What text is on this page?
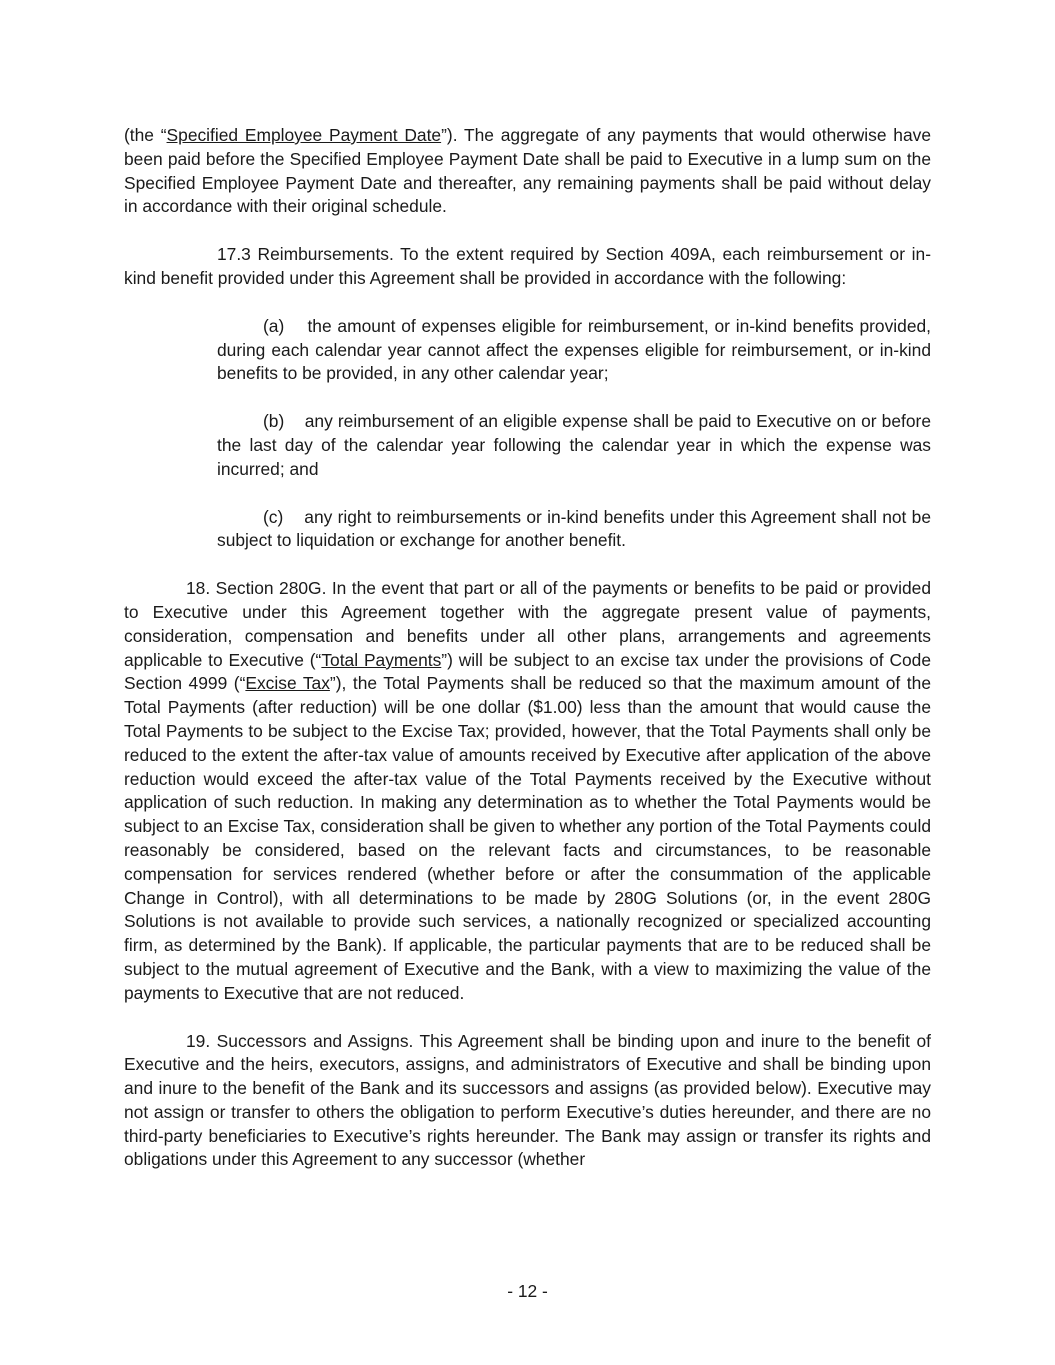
(the “Specified Employee Payment Date”). The aggregate of any payments that would otherwise have been paid before the Specified Employee Payment Date shall be paid to Executive in a lump sum on the Specified Employee Payment Date and thereafter, any remaining payments shall be paid without delay in accordance with their original schedule.

17.3 Reimbursements. To the extent required by Section 409A, each reimbursement or in-kind benefit provided under this Agreement shall be provided in accordance with the following:

(a)    the amount of expenses eligible for reimbursement, or in-kind benefits provided, during each calendar year cannot affect the expenses eligible for reimbursement, or in-kind benefits to be provided, in any other calendar year;

(b)    any reimbursement of an eligible expense shall be paid to Executive on or before the last day of the calendar year following the calendar year in which the expense was incurred; and

(c)    any right to reimbursements or in-kind benefits under this Agreement shall not be subject to liquidation or exchange for another benefit.

18. Section 280G. In the event that part or all of the payments or benefits to be paid or provided to Executive under this Agreement together with the aggregate present value of payments, consideration, compensation and benefits under all other plans, arrangements and agreements applicable to Executive (“Total Payments”) will be subject to an excise tax under the provisions of Code Section 4999 (“Excise Tax”), the Total Payments shall be reduced so that the maximum amount of the Total Payments (after reduction) will be one dollar ($1.00) less than the amount that would cause the Total Payments to be subject to the Excise Tax; provided, however, that the Total Payments shall only be reduced to the extent the after-tax value of amounts received by Executive after application of the above reduction would exceed the after-tax value of the Total Payments received by the Executive without application of such reduction. In making any determination as to whether the Total Payments would be subject to an Excise Tax, consideration shall be given to whether any portion of the Total Payments could reasonably be considered, based on the relevant facts and circumstances, to be reasonable compensation for services rendered (whether before or after the consummation of the applicable Change in Control), with all determinations to be made by 280G Solutions (or, in the event 280G Solutions is not available to provide such services, a nationally recognized or specialized accounting firm, as determined by the Bank). If applicable, the particular payments that are to be reduced shall be subject to the mutual agreement of Executive and the Bank, with a view to maximizing the value of the payments to Executive that are not reduced.

19. Successors and Assigns. This Agreement shall be binding upon and inure to the benefit of Executive and the heirs, executors, assigns, and administrators of Executive and shall be binding upon and inure to the benefit of the Bank and its successors and assigns (as provided below). Executive may not assign or transfer to others the obligation to perform Executive’s duties hereunder, and there are no third-party beneficiaries to Executive’s rights hereunder. The Bank may assign or transfer its rights and obligations under this Agreement to any successor (whether

- 12 -
